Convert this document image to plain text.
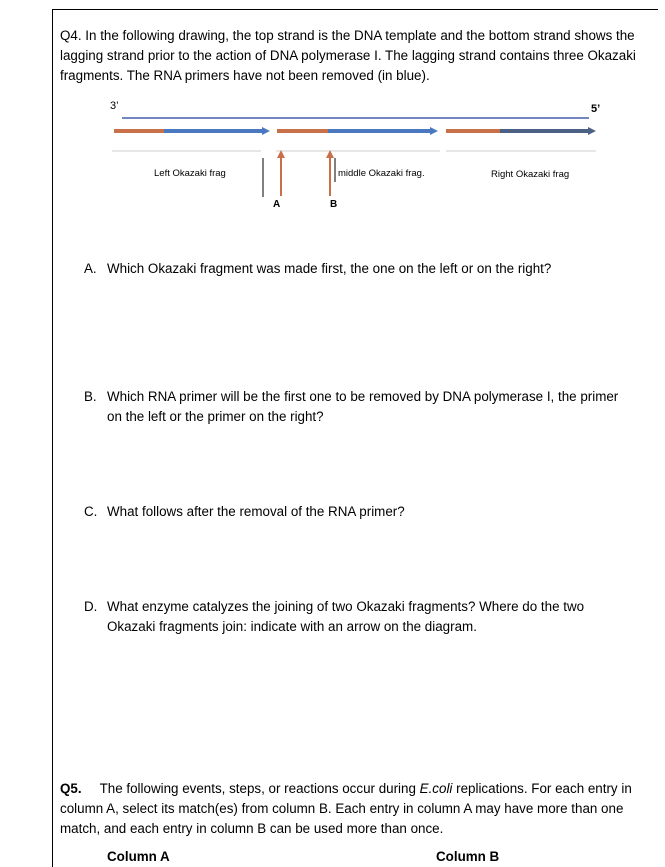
Q4. In the following drawing, the top strand is the DNA template and the bottom strand shows the lagging strand prior to the action of DNA polymerase I. The lagging strand contains three Okazaki fragments. The RNA primers have not been removed (in blue).

3’	5’
Left Okazaki frag	middle Okazaki frag.	Right Okazaki frag
A	B
A. Which Okazaki fragment was made first, the one on the left or on the right?
B. Which RNA primer will be the first one to be removed by DNA polymerase I, the primer on the left or the primer on the right?
C. What follows after the removal of the RNA primer?
D. What enzyme catalyzes the joining of two Okazaki fragments? Where do the two Okazaki fragments join: indicate with an arrow on the diagram.

Q5. The following events, steps, or reactions occur during E.coli replications. For each entry in column A, select its match(es) from column B. Each entry in column A may have more than one match, and each entry in column B can be used more than once.

Column A	Column B
